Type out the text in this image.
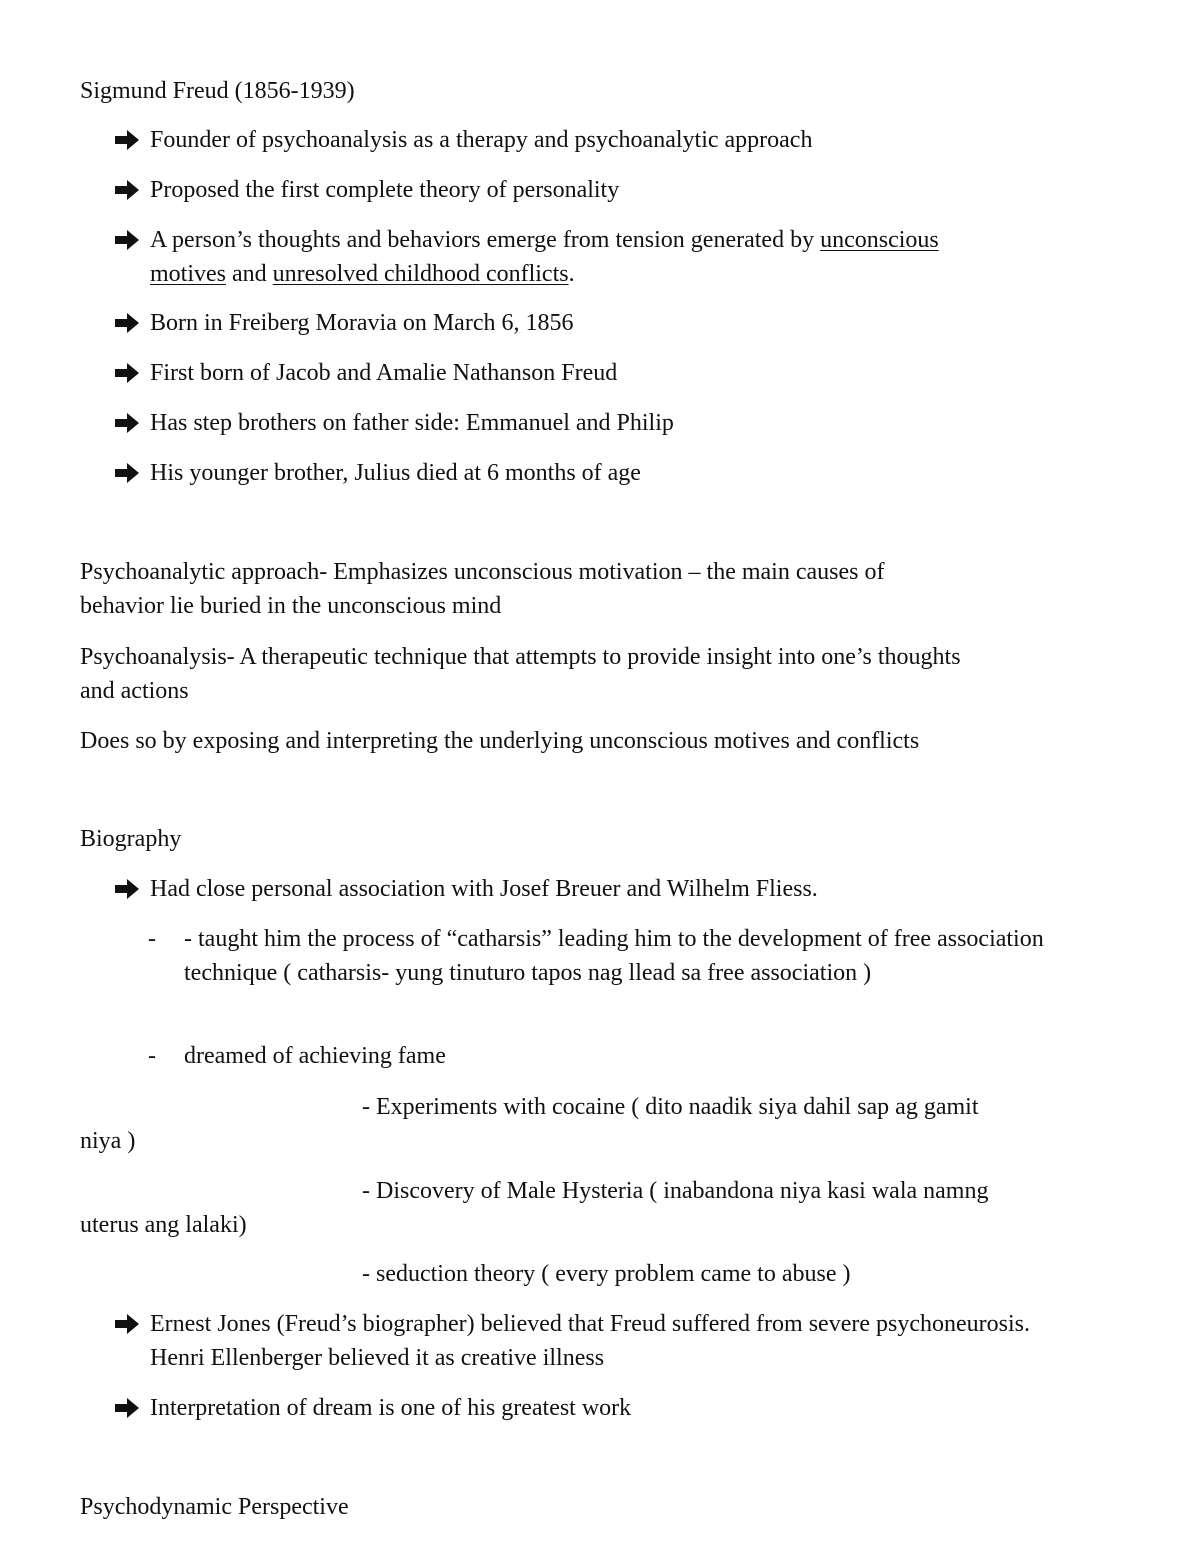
Sigmund Freud (1856-1939)
Founder of psychoanalysis as a therapy and psychoanalytic approach
Proposed the first complete theory of personality
A person’s thoughts and behaviors emerge from tension generated by unconscious
motives and unresolved childhood conflicts.
Born in Freiberg Moravia on March 6, 1856
First born of Jacob and Amalie Nathanson Freud
Has step brothers on father side: Emmanuel and Philip
His younger brother, Julius died at 6 months of age
Psychoanalytic approach- Emphasizes unconscious motivation – the main causes of
behavior lie buried in the unconscious mind
Psychoanalysis- A therapeutic technique that attempts to provide insight into one’s thoughts
and actions
Does so by exposing and interpreting the underlying unconscious motives and conflicts
Biography
Had close personal association with Josef Breuer and Wilhelm Fliess.
- - taught him the process of “catharsis” leading him to the development of free association technique ( catharsis- yung tinuturo tapos nag llead sa free association )
- dreamed of achieving fame
- Experiments with cocaine ( dito naadik siya dahil sap ag gamit
niya )
- Discovery of Male Hysteria ( inabandona niya kasi wala namng
uterus ang lalaki)
- seduction theory ( every problem came to abuse )
Ernest Jones (Freud’s biographer) believed that Freud suffered from severe psychoneurosis. Henri Ellenberger believed it as creative illness
Interpretation of dream is one of his greatest work
Psychodynamic Perspective
